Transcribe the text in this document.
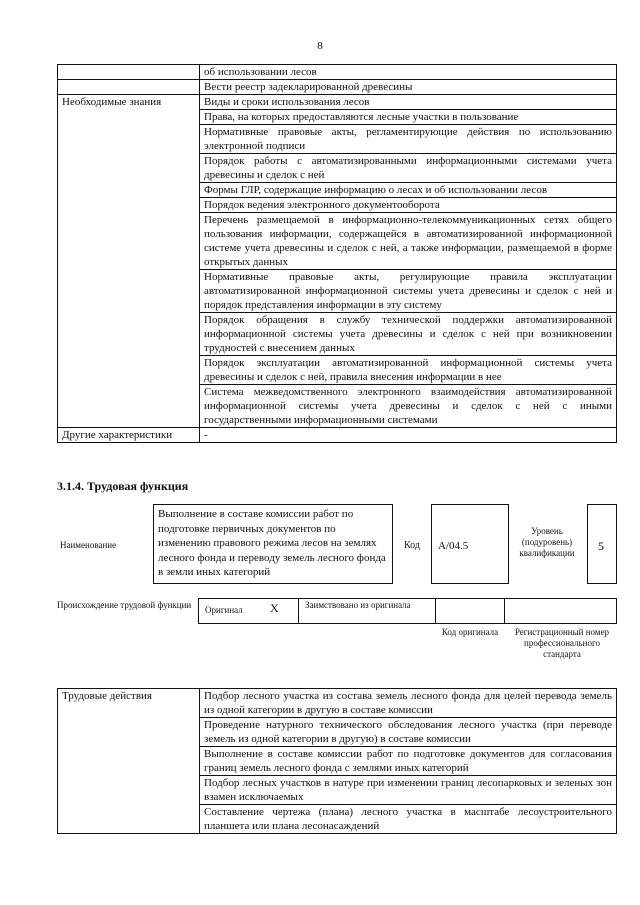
8
	об использовании лесов
	Вести реестр задекларированной древесины
Необходимые знания	Виды и сроки использования лесов
	Права, на которых предоставляются лесные участки в пользование
	Нормативные правовые акты, регламентирующие действия по использованию электронной подписи
	Порядок работы с автоматизированными информационными системами учета древесины и сделок с ней
	Формы ГЛР, содержащие информацию о лесах и об использовании лесов
	Порядок ведения электронного документооборота
	Перечень размещаемой в информационно-телекоммуникационных сетях общего пользования информации, содержащейся в автоматизированной информационной системе учета древесины и сделок с ней, а также информации, размещаемой в форме открытых данных
	Нормативные правовые акты, регулирующие правила эксплуатации автоматизированной информационной системы учета древесины и сделок с ней и порядок представления информации в эту систему
	Порядок обращения в службу технической поддержки автоматизированной информационной системы учета древесины и сделок с ней при возникновении трудностей с внесением данных
	Порядок эксплуатации автоматизированной информационной системы учета древесины и сделок с ней, правила внесения информации в нее
	Система межведомственного электронного взаимодействия автоматизированной информационной системы учета древесины и сделок с ней с иными государственными информационными системами
Другие характеристики	-
3.1.4. Трудовая функция
Наименование
Выполнение в составе комиссии работ по подготовке первичных документов по изменению правового режима лесов на землях лесного фонда и переводу земель лесного фонда в земли иных категорий
Код А/04.5
Уровень (подуровень) квалификации	5
Происхождение трудовой функции Оригинал X	Заимствовано из оригинала
Код оригинала	Регистрационный номер профессионального стандарта
Трудовые действия	Подбор лесного участка из состава земель лесного фонда для целей перевода земель из одной категории в другую в составе комиссии
Проведение натурного технического обследования лесного участка (при переводе земель из одной категории в другую) в составе комиссии
Выполнение в составе комиссии работ по подготовке документов для согласования границ земель лесного фонда с землями иных категорий
Подбор лесных участков в натуре при изменении границ лесопарковых и зеленых зон взамен исключаемых
Составление чертежа (плана) лесного участка в масштабе лесоустроительного планшета или плана лесонасаждений
